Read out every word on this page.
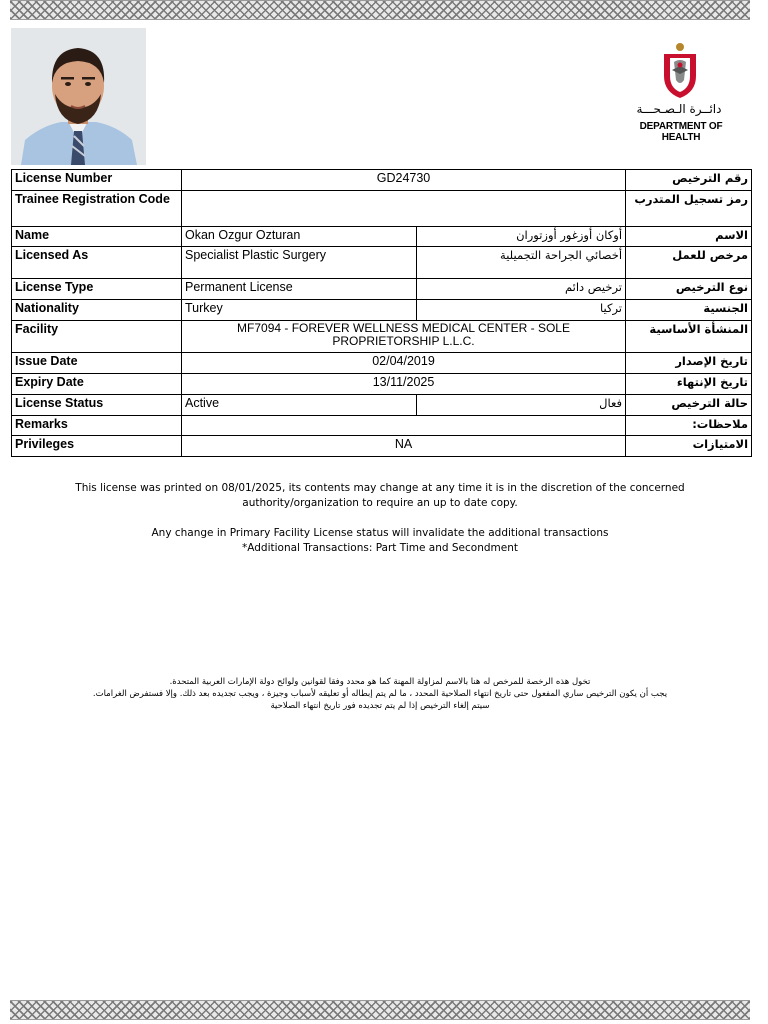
دائــرة الـصـحـــة
DEPARTMENT OF HEALTH
License Number	GD24730		رقم الترخيص
Trainee Registration Code			رمز تسجيل المتدرب
Name	Okan Ozgur Ozturan	أوكان أوزغور أوزتوران	الاسم
Licensed As	Specialist Plastic Surgery	أخصائي الجراحة التجميلية	مرخص للعمل
License Type	Permanent License	ترخيص دائم	نوع الترخيص
Nationality	Turkey	تركيا	الجنسية
Facility	MF7094 - FOREVER WELLNESS MEDICAL CENTER - SOLE PROPRIETORSHIP L.L.C.		المنشأة الأساسية
Issue Date	02/04/2019		تاريخ الإصدار
Expiry Date	13/11/2025		تاريخ الإنتهاء
License Status	Active	فعال	حالة الترخيص
Remarks			ملاحظات:
Privileges	NA		الامتيازات
This license was printed on 08/01/2025, its contents may change at any time it is in the discretion of the concerned
authority/organization to require an up to date copy.
Any change in Primary Facility License status will invalidate the additional transactions
*Additional Transactions: Part Time and Secondment
تخول هذه الرخصة للمرخص له هنا بالاسم لمزاولة المهنة كما هو محدد وفقا لقوانين ولوائح دولة الإمارات العربية المتحدة.
يجب أن يكون الترخيص ساري المفعول حتى تاريخ انتهاء الصلاحية المحدد ، ما لم يتم إبطاله أو تعليقه لأسباب وجيزة ، ويجب تجديده بعد ذلك. وإلا فستفرض الغرامات.
سيتم إلغاء الترخيص إذا لم يتم تجديده فور تاريخ انتهاء الصلاحية
